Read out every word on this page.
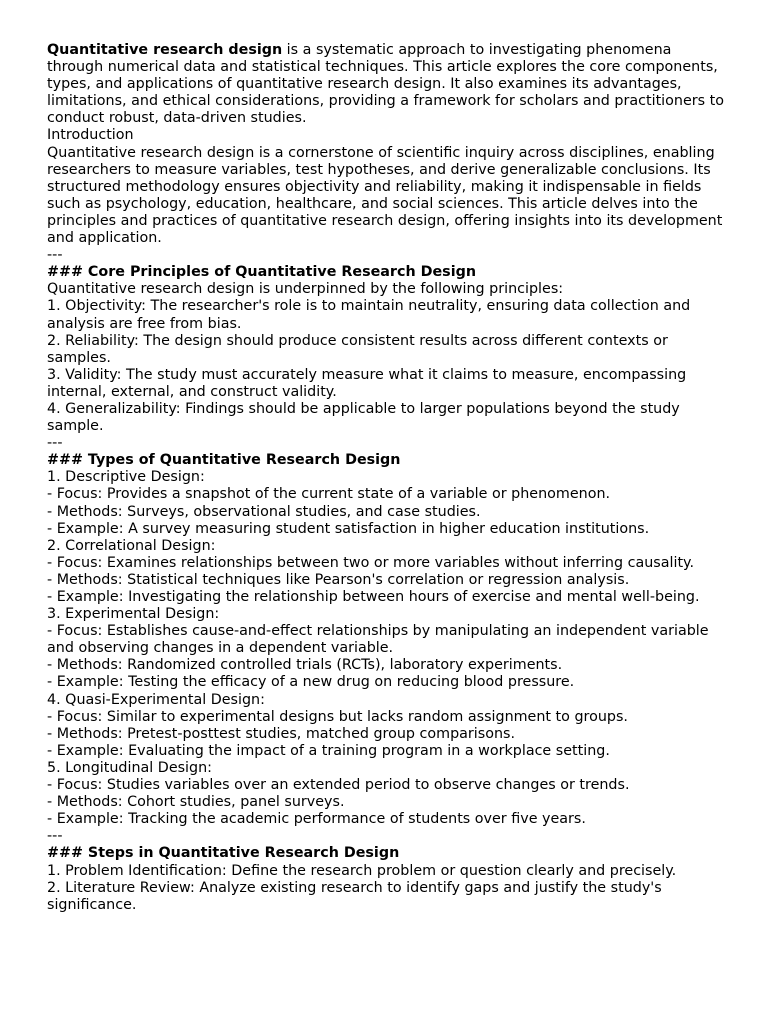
Quantitative research design is a systematic approach to investigating phenomena through numerical data and statistical techniques. This article explores the core components, types, and applications of quantitative research design. It also examines its advantages, limitations, and ethical considerations, providing a framework for scholars and practitioners to conduct robust, data-driven studies.

Introduction

Quantitative research design is a cornerstone of scientific inquiry across disciplines, enabling researchers to measure variables, test hypotheses, and derive generalizable conclusions. Its structured methodology ensures objectivity and reliability, making it indispensable in fields such as psychology, education, healthcare, and social sciences. This article delves into the principles and practices of quantitative research design, offering insights into its development and application.

---
### Core Principles of Quantitative Research Design
Quantitative research design is underpinned by the following principles:
1. Objectivity: The researcher's role is to maintain neutrality, ensuring data collection and analysis are free from bias.
2. Reliability: The design should produce consistent results across different contexts or samples.
3. Validity: The study must accurately measure what it claims to measure, encompassing internal, external, and construct validity.
4. Generalizability: Findings should be applicable to larger populations beyond the study sample.
---
### Types of Quantitative Research Design
1. Descriptive Design:
- Focus: Provides a snapshot of the current state of a variable or phenomenon.
- Methods: Surveys, observational studies, and case studies.
- Example: A survey measuring student satisfaction in higher education institutions.
2. Correlational Design:
- Focus: Examines relationships between two or more variables without inferring causality.
- Methods: Statistical techniques like Pearson's correlation or regression analysis.
- Example: Investigating the relationship between hours of exercise and mental well-being.
3. Experimental Design:
- Focus: Establishes cause-and-effect relationships by manipulating an independent variable and observing changes in a dependent variable.
- Methods: Randomized controlled trials (RCTs), laboratory experiments.
- Example: Testing the efficacy of a new drug on reducing blood pressure.
4. Quasi-Experimental Design:
- Focus: Similar to experimental designs but lacks random assignment to groups.
- Methods: Pretest-posttest studies, matched group comparisons.
- Example: Evaluating the impact of a training program in a workplace setting.
5. Longitudinal Design:
- Focus: Studies variables over an extended period to observe changes or trends.
- Methods: Cohort studies, panel surveys.
- Example: Tracking the academic performance of students over five years.
---
### Steps in Quantitative Research Design
1. Problem Identification: Define the research problem or question clearly and precisely.
2. Literature Review: Analyze existing research to identify gaps and justify the study's significance.
